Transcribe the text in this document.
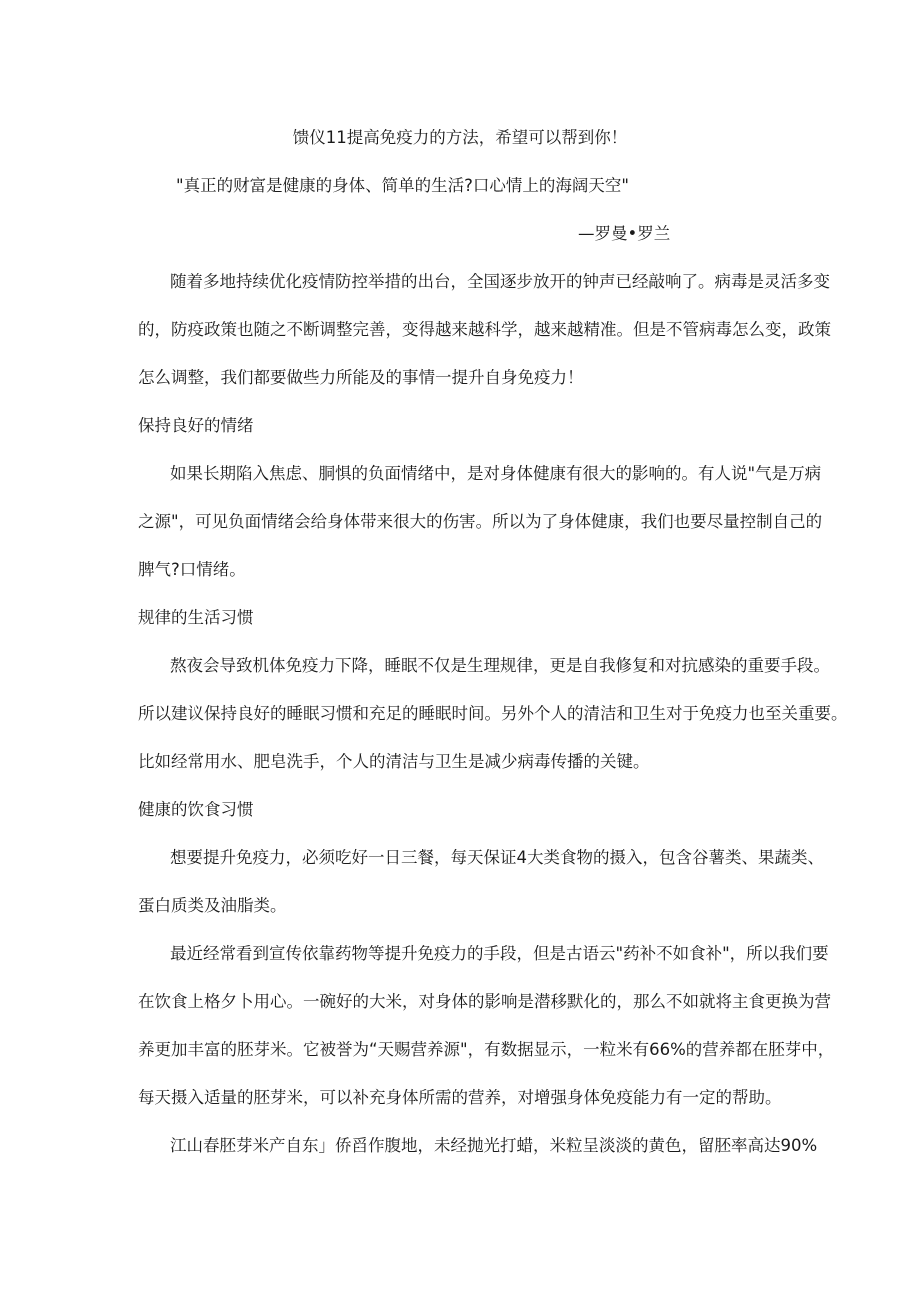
馈仪11提高免疫力的方法，希望可以帮到你！
"真正的财富是健康的身体、简单的生活?口心情上的海阔天空"
—罗曼•罗兰
随着多地持续优化疫情防控举措的出台，全国逐步放开的钟声已经敲响了。病毒是灵活多变
的，防疫政策也随之不断调整完善，变得越来越科学，越来越精准。但是不管病毒怎么变，政策
怎么调整，我们都要做些力所能及的事情一提升自身免疫力！
保持良好的情绪
如果长期陷入焦虑、胴惧的负面情绪中，是对身体健康有很大的影响的。有人说"气是万病
之源"，可见负面情绪会给身体带来很大的伤害。所以为了身体健康，我们也要尽量控制自己的
脾气?口情绪。
规律的生活习惯
熬夜会导致机体免疫力下降，睡眠不仅是生理规律，更是自我修复和对抗感染的重要手段。
所以建议保持良好的睡眠习惯和充足的睡眠时间。另外个人的清洁和卫生对于免疫力也至关重要。
比如经常用水、肥皂洗手，个人的清洁与卫生是减少病毒传播的关键。
健康的饮食习惯
想要提升免疫力，必须吃好一日三餐，每天保证4大类食物的摄入，包含谷薯类、果蔬类、
蛋白质类及油脂类。
最近经常看到宣传依靠药物等提升免疫力的手段，但是古语云"药补不如食补"，所以我们要
在饮食上格夕卜用心。一碗好的大米，对身体的影响是潜移默化的，那么不如就将主食更换为营
养更加丰富的胚芽米。它被誉为“天赐营养源"，有数据显示，一粒米有66%的营养都在胚芽中，
每天摄入适量的胚芽米，可以补充身体所需的营养，对增强身体免疫能力有一定的帮助。
江山春胚芽米产自东」侨舀作腹地，未经抛光打蜡，米粒呈淡淡的黄色，留胚率高达90%
